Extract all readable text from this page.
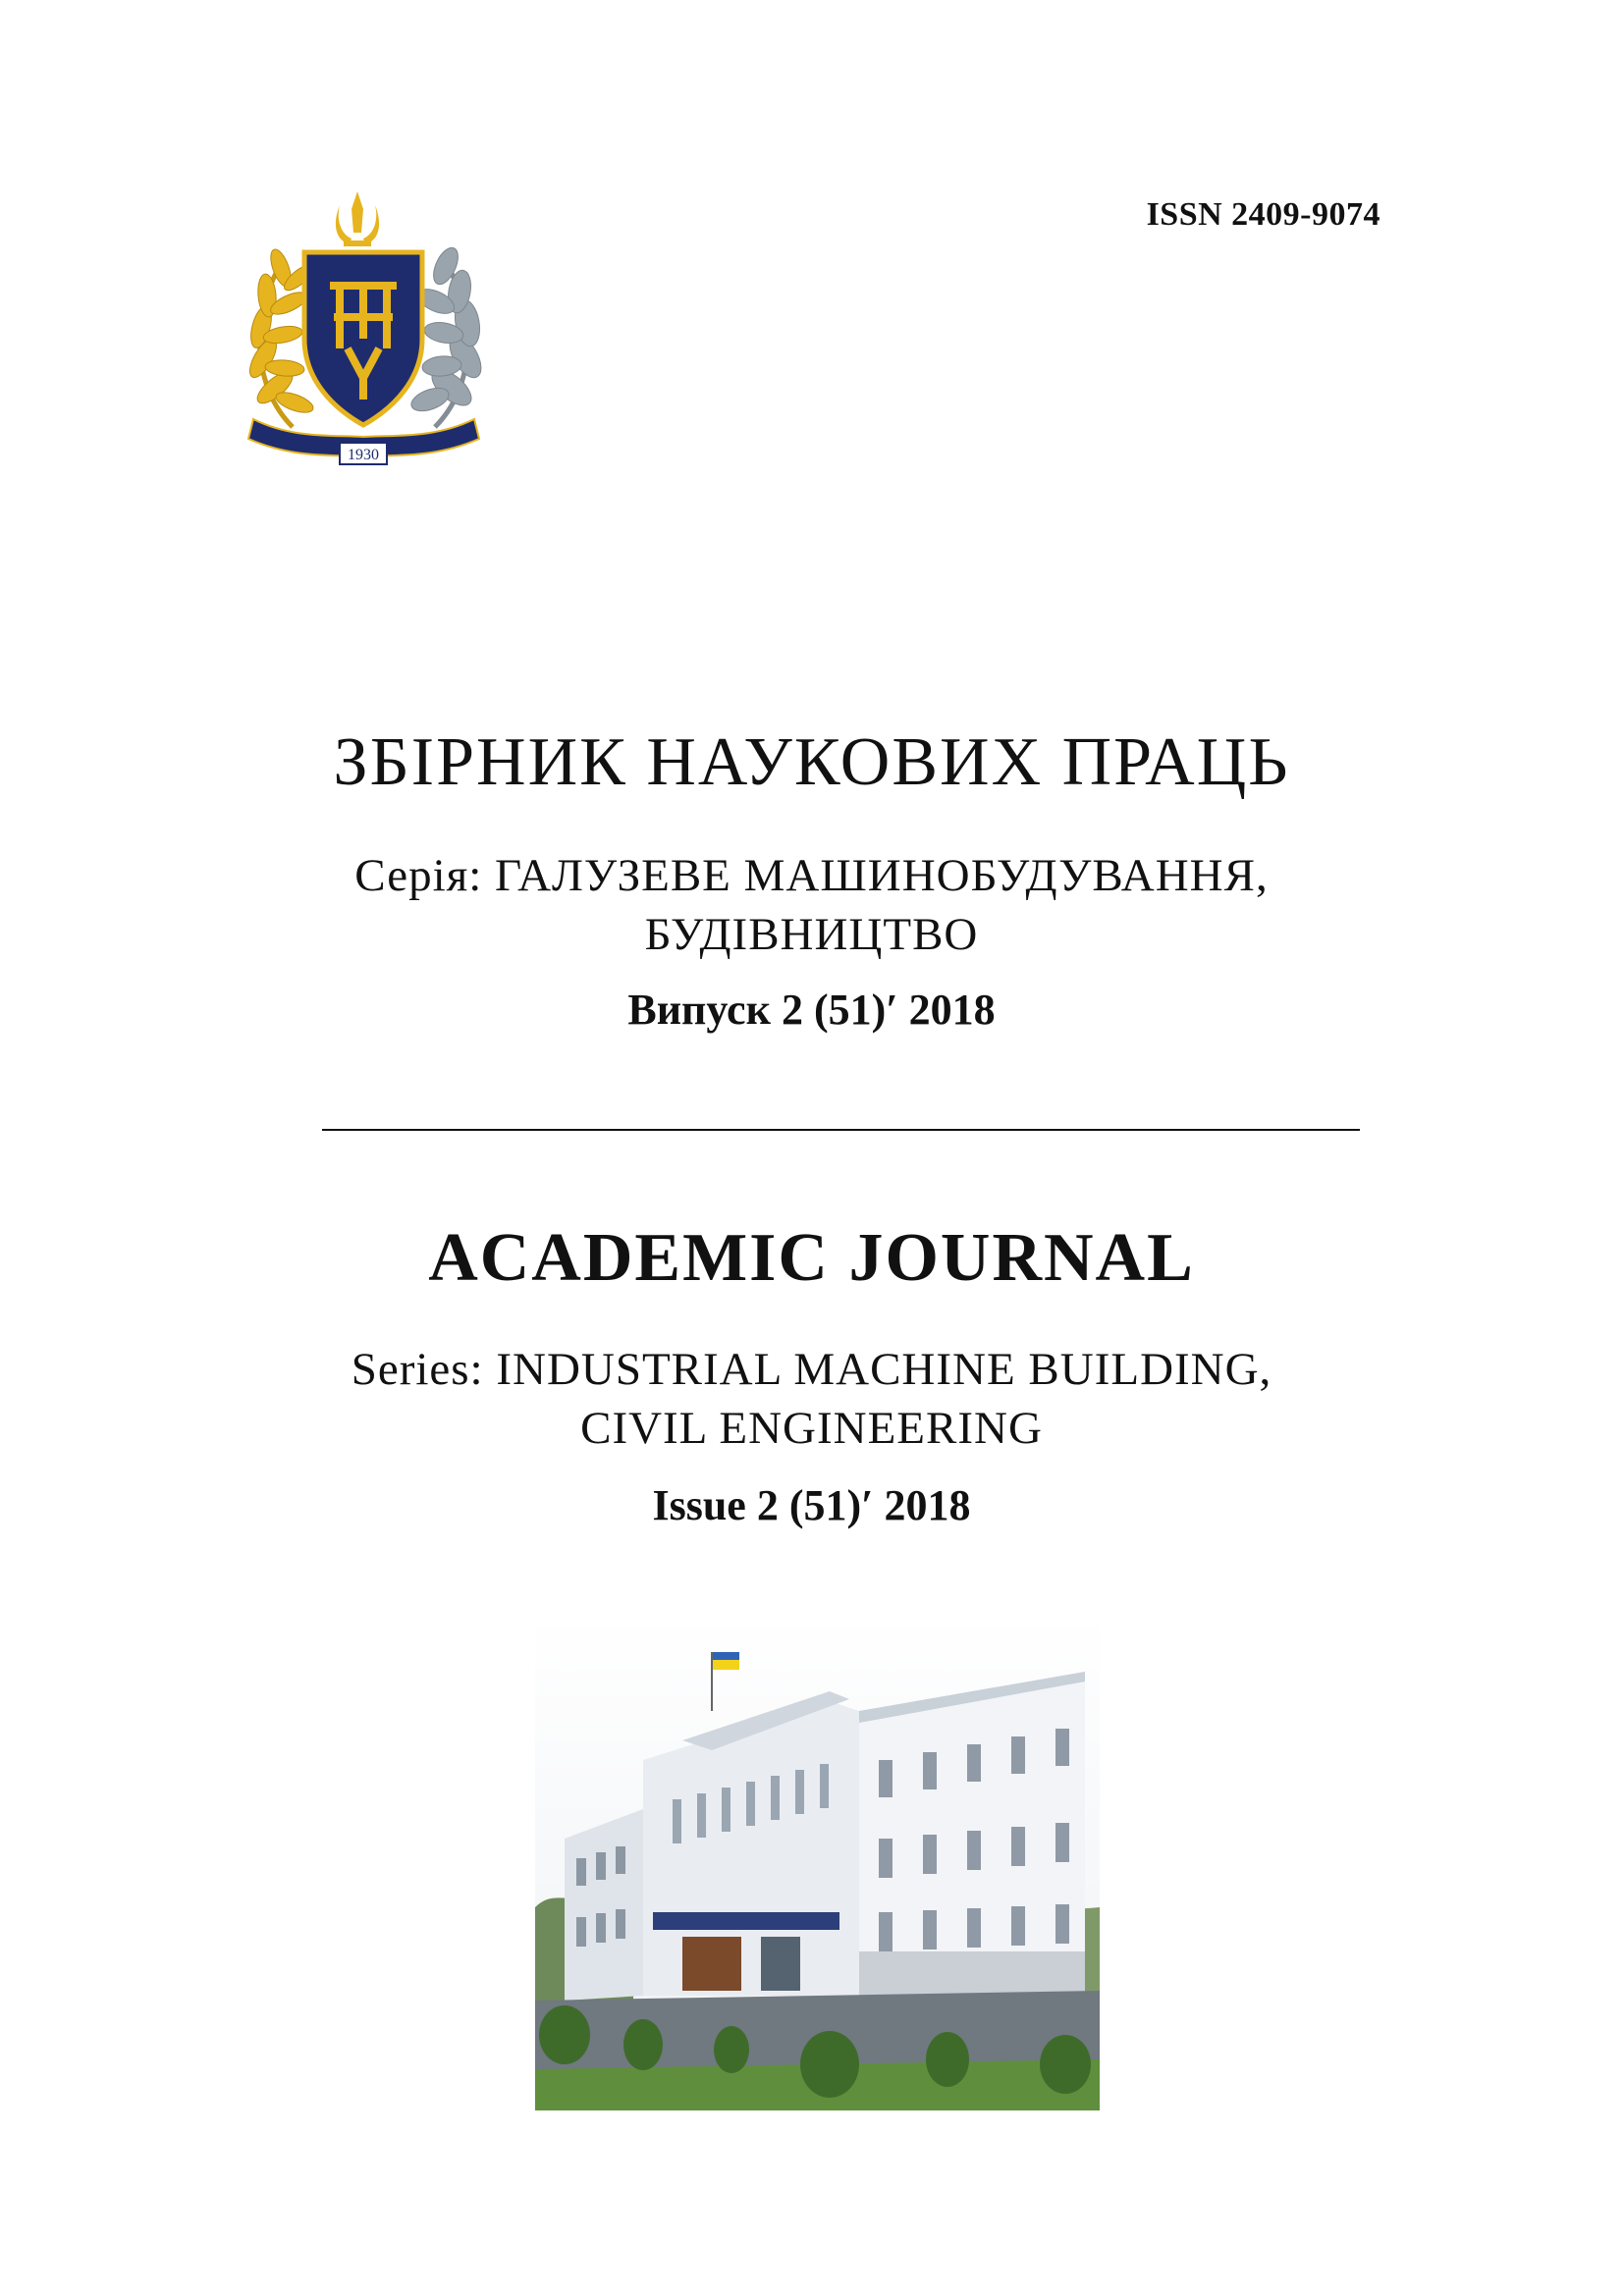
ISSN 2409-9074
1930
ЗБІРНИК НАУКОВИХ ПРАЦЬ
Серія: ГАЛУЗЕВЕ МАШИНОБУДУВАННЯ,
БУДІВНИЦТВО
Випуск 2 (51)′ 2018
ACADEMIC JOURNAL
Series: INDUSTRIAL MACHINE BUILDING,
CIVIL ENGINEERING
Issue 2 (51)′ 2018
